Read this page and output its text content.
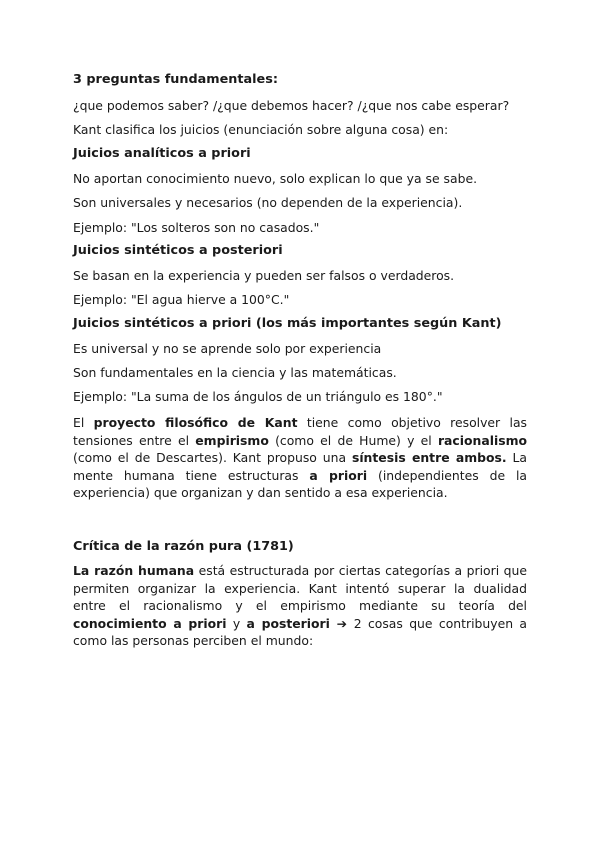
3 preguntas fundamentales:
¿que podemos saber? /¿que debemos hacer? /¿que nos cabe esperar?
Kant clasifica los juicios (enunciación sobre alguna cosa) en:
Juicios analíticos a priori
No aportan conocimiento nuevo, solo explican lo que ya se sabe.
Son universales y necesarios (no dependen de la experiencia).
Ejemplo: "Los solteros son no casados."
Juicios sintéticos a posteriori
Se basan en la experiencia y pueden ser falsos o verdaderos.
Ejemplo: "El agua hierve a 100°C."
Juicios sintéticos a priori (los más importantes según Kant)
Es universal y no se aprende solo por experiencia
Son fundamentales en la ciencia y las matemáticas.
Ejemplo: "La suma de los ángulos de un triángulo es 180°."
El proyecto filosófico de Kant tiene como objetivo resolver las tensiones entre el empirismo (como el de Hume) y el racionalismo (como el de Descartes). Kant propuso una síntesis entre ambos. La mente humana tiene estructuras a priori (independientes de la experiencia) que organizan y dan sentido a esa experiencia.
Crítica de la razón pura (1781)
La razón humana está estructurada por ciertas categorías a priori que permiten organizar la experiencia. Kant intentó superar la dualidad entre el racionalismo y el empirismo mediante su teoría del conocimiento a priori y a posteriori ➔ 2 cosas que contribuyen a como las personas perciben el mundo:
